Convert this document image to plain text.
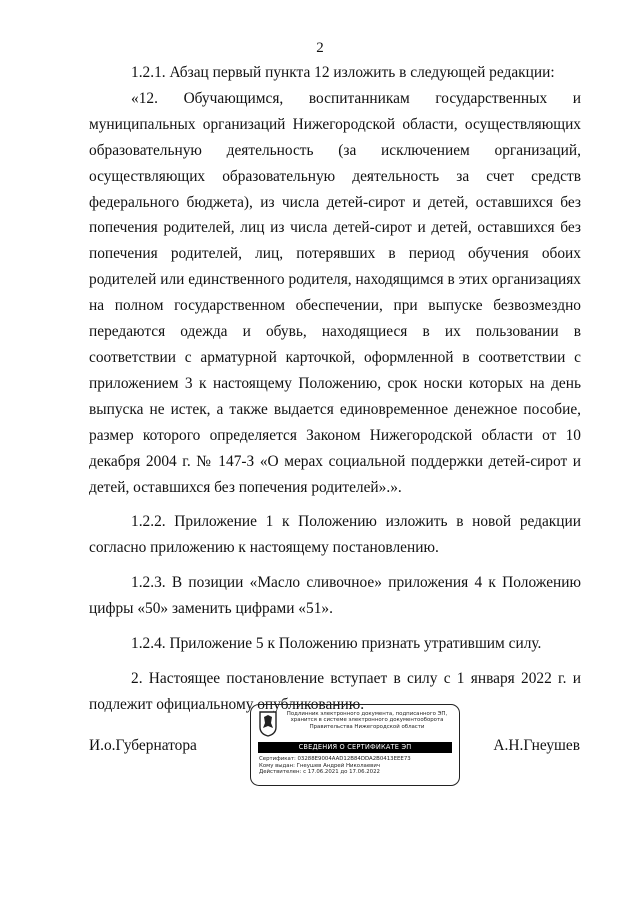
2

1.2.1. Абзац первый пункта 12 изложить в следующей редакции:

«12. Обучающимся, воспитанникам государственных и муниципальных организаций Нижегородской области, осуществляющих образовательную деятельность (за исключением организаций, осуществляющих образовательную деятельность за счет средств федерального бюджета), из числа детей-сирот и детей, оставшихся без попечения родителей, лиц из числа детей-сирот и детей, оставшихся без попечения родителей, лиц, потерявших в период обучения обоих родителей или единственного родителя, находящимся в этих организациях на полном государственном обеспечении, при выпуске безвозмездно передаются одежда и обувь, находящиеся в их пользовании в соответствии с арматурной карточкой, оформленной в соответствии с приложением 3 к настоящему Положению, срок носки которых на день выпуска не истек, а также выдается единовременное денежное пособие, размер которого определяется Законом Нижегородской области от 10 декабря 2004 г. № 147-З «О мерах социальной поддержки детей-сирот и детей, оставшихся без попечения родителей».».

1.2.2. Приложение 1 к Положению изложить в новой редакции согласно приложению к настоящему постановлению.

1.2.3. В позиции «Масло сливочное» приложения 4 к Положению цифры «50» заменить цифрами «51».

1.2.4. Приложение 5 к Положению признать утратившим силу.

2. Настоящее постановление вступает в силу с 1 января 2022 г. и подлежит официальному опубликованию.

И.о.Губернатора	А.Н.Гнеушев
Подлинник электронного документа, подписанного ЭП, хранится в системе электронного документооборота Правительства Нижегородской области
СВЕДЕНИЯ О СЕРТИФИКАТЕ ЭП
Сертификат: 03288E9004AAD12B84DDA2B0413EEE73
Кому выдан: Гнеушев Андрей Николаевич
Действителен: с 17.06.2021 до 17.06.2022
